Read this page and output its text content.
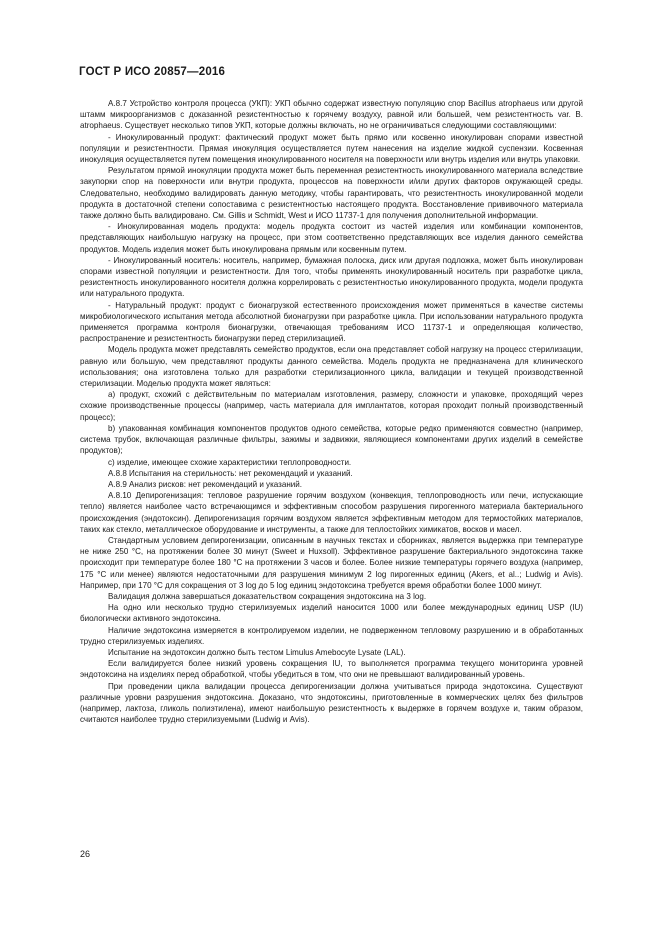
ГОСТ Р ИСО 20857—2016

А.8.7 Устройство контроля процесса (УКП): УКП обычно содержат известную популяцию спор Bacillus atrophaeus или другой штамм микроорганизмов с доказанной резистентностью к горячему воздуху, равной или большей, чем резистентность var. B. atrophaeus. Существует несколько типов УКП, которые должны включать, но не ограничиваться следующими составляющими:

- Инокулированный продукт: фактический продукт может быть прямо или косвенно инокулирован спорами известной популяции и резистентности. Прямая инокуляция осуществляется путем нанесения на изделие жидкой суспензии. Косвенная инокуляция осуществляется путем помещения инокулированного носителя на поверхности или внутрь изделия или внутрь упаковки.

Результатом прямой инокуляции продукта может быть переменная резистентность инокулированного материала вследствие закупорки спор на поверхности или внутри продукта, процессов на поверхности и/или других факторов окружающей среды. Следовательно, необходимо валидировать данную методику, чтобы гарантировать, что резистентность инокулированной модели продукта в достаточной степени сопоставима с резистентностью настоящего продукта. Восстановление прививочного материала также должно быть валидировано. См. Gillis и Schmidt, West и ИСО 11737-1 для получения дополнительной информации.

- Инокулированная модель продукта: модель продукта состоит из частей изделия или комбинации компонентов, представляющих наибольшую нагрузку на процесс, при этом соответственно представляющих все изделия данного семейства продуктов. Модель изделия может быть инокулирована прямым или косвенным путем.

- Инокулированный носитель: носитель, например, бумажная полоска, диск или другая подложка, может быть инокулирован спорами известной популяции и резистентности. Для того, чтобы применять инокулированный носитель при разработке цикла, резистентность инокулированного носителя должна коррелировать с резистентностью инокулированного продукта, модели продукта или натурального продукта.

- Натуральный продукт: продукт с бионагрузкой естественного происхождения может применяться в качестве системы микробиологического испытания метода абсолютной бионагрузки при разработке цикла. При использовании натурального продукта применяется программа контроля бионагрузки, отвечающая требованиям ИСО 11737-1 и определяющая количество, распространение и резистентность бионагрузки перед стерилизацией.

Модель продукта может представлять семейство продуктов, если она представляет собой нагрузку на процесс стерилизации, равную или большую, чем представляют продукты данного семейства. Модель продукта не предназначена для клинического использования; она изготовлена только для разработки стерилизационного цикла, валидации и текущей производственной стерилизации. Моделью продукта может являться:

а) продукт, схожий с действительным по материалам изготовления, размеру, сложности и упаковке, проходящий через схожие производственные процессы (например, часть материала для имплантатов, которая проходит полный производственный процесс);

b) упакованная комбинация компонентов продуктов одного семейства, которые редко применяются совместно (например, система трубок, включающая различные фильтры, зажимы и задвижки, являющиеся компонентами других изделий в семействе продуктов);

с) изделие, имеющее схожие характеристики теплопроводности.

А.8.8 Испытания на стерильность: нет рекомендаций и указаний.

А.8.9 Анализ рисков: нет рекомендаций и указаний.

А.8.10 Депирогенизация: тепловое разрушение горячим воздухом (конвекция, теплопроводность или печи, испускающие тепло) является наиболее часто встречающимся и эффективным способом разрушения пирогенного материала бактериального происхождения (эндотоксин). Депирогенизация горячим воздухом является эффективным методом для термостойких материалов, таких как стекло, металлическое оборудование и инструменты, а также для теплостойких химикатов, восков и масел.

Стандартным условием депирогенизации, описанным в научных текстах и сборниках, является выдержка при температуре не ниже 250 °С, на протяжении более 30 минут (Sweet и Huxsoll). Эффективное разрушение бактериального эндотоксина также происходит при температуре более 180 °С на протяжении 3 часов и более. Более низкие температуры горячего воздуха (например, 175 °С или менее) являются недостаточными для разрушения минимум 2 log пирогенных единиц (Akers, et al..; Ludwig и Avis). Например, при 170 °С для сокращения от 3 log до 5 log единиц эндотоксина требуется время обработки более 1000 минут.

Валидация должна завершаться доказательством сокращения эндотоксина на 3 log.

На одно или несколько трудно стерилизуемых изделий наносится 1000 или более международных единиц USP (IU) биологически активного эндотоксина.

Наличие эндотоксина измеряется в контролируемом изделии, не подверженном тепловому разрушению и в обработанных трудно стерилизуемых изделиях.

Испытание на эндотоксин должно быть тестом Limulus Amebocyte Lysate (LAL).

Если валидируется более низкий уровень сокращения IU, то выполняется программа текущего мониторинга уровней эндотоксина на изделиях перед обработкой, чтобы убедиться в том, что они не превышают валидированный уровень.

При проведении цикла валидации процесса депирогенизации должна учитываться природа эндотоксина. Существуют различные уровни разрушения эндотоксина. Доказано, что эндотоксины, приготовленные в коммерческих целях без фильтров (например, лактоза, гликоль полиэтилена), имеют наибольшую резистентность к выдержке в горячем воздухе и, таким образом, считаются наиболее трудно стерилизуемыми (Ludwig и Avis).

26
